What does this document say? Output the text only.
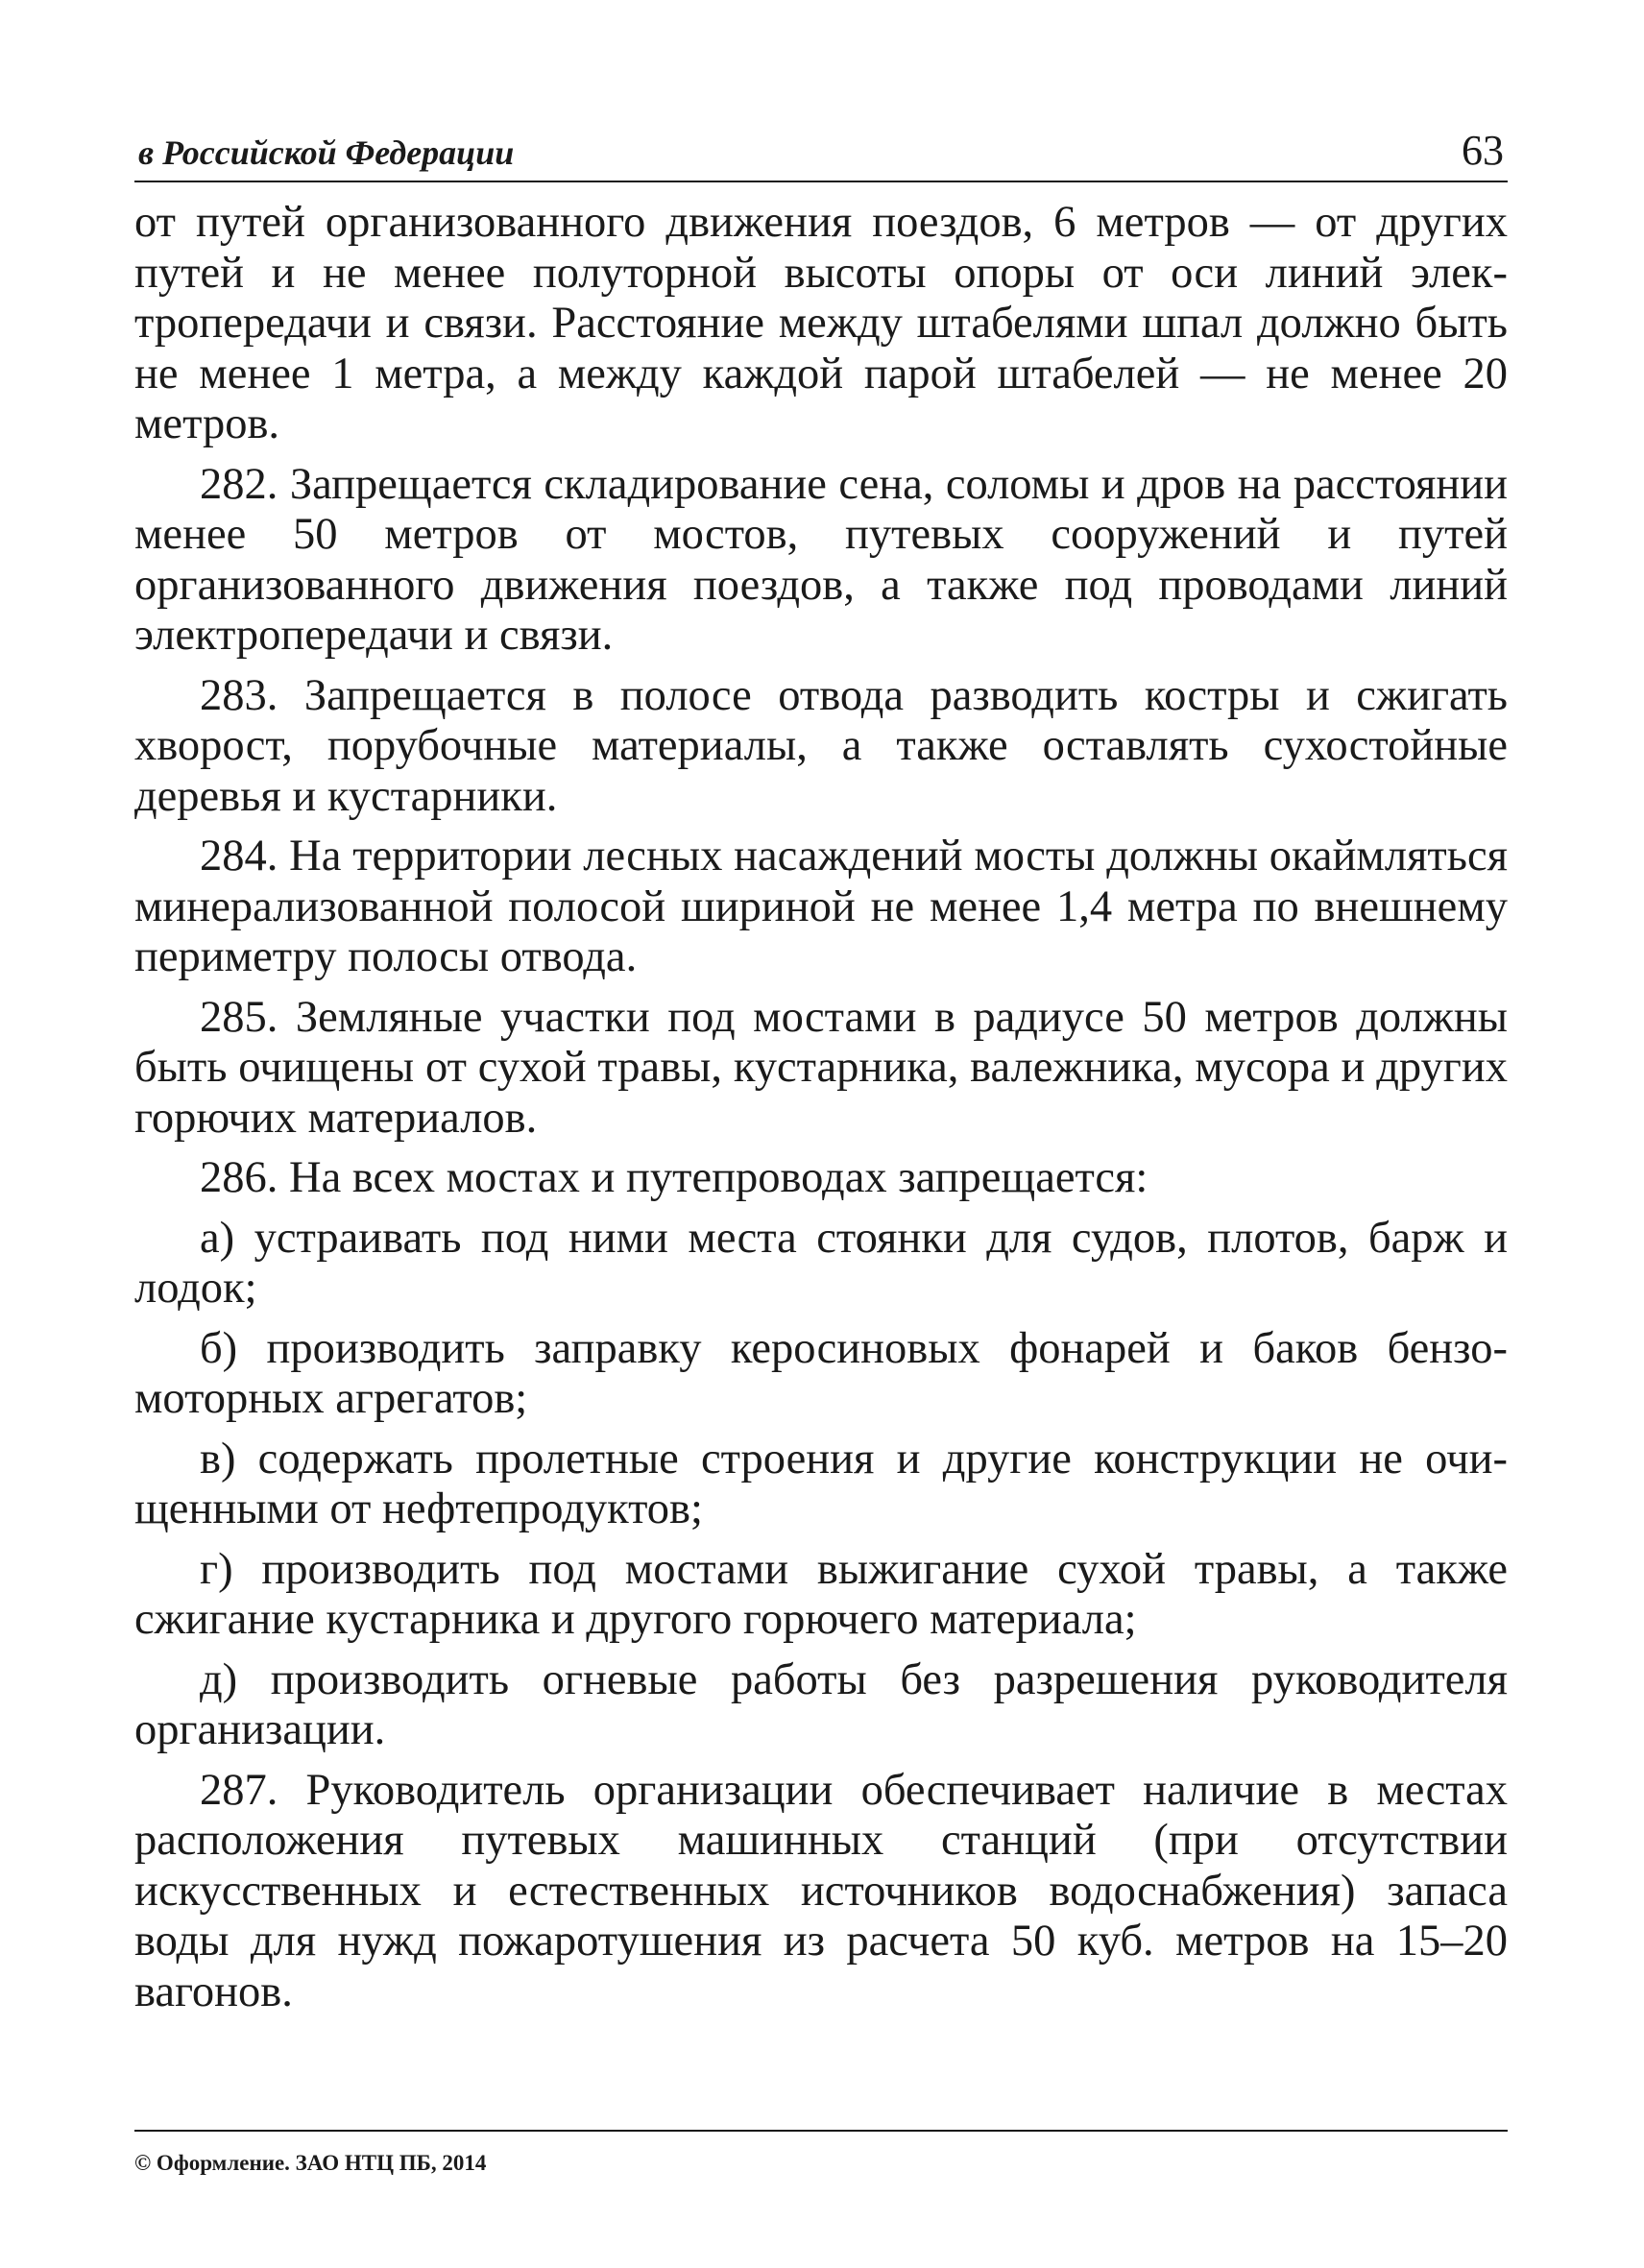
в Российской Федерации	63

от путей организованного движения поездов, 6 метров — от других путей и не менее полуторной высоты опоры от оси линий электропередачи и связи. Расстояние между штабелями шпал должно быть не менее 1 метра, а между каждой парой штабелей — не менее 20 метров.

282. Запрещается складирование сена, соломы и дров на расстоянии менее 50 метров от мостов, путевых сооружений и путей организованного движения поездов, а также под проводами линий электропередачи и связи.

283. Запрещается в полосе отвода разводить костры и сжигать хворост, порубочные материалы, а также оставлять сухостойные деревья и кустарники.

284. На территории лесных насаждений мосты должны окаймляться минерализованной полосой шириной не менее 1,4 метра по внешнему периметру полосы отвода.

285. Земляные участки под мостами в радиусе 50 метров должны быть очищены от сухой травы, кустарника, валежника, мусора и других горючих материалов.

286. На всех мостах и путепроводах запрещается:

а) устраивать под ними места стоянки для судов, плотов, барж и лодок;

б) производить заправку керосиновых фонарей и баков бензомоторных агрегатов;

в) содержать пролетные строения и другие конструкции не очищенными от нефтепродуктов;

г) производить под мостами выжигание сухой травы, а также сжигание кустарника и другого горючего материала;

д) производить огневые работы без разрешения руководителя организации.

287. Руководитель организации обеспечивает наличие в местах расположения путевых машинных станций (при отсутствии искусственных и естественных источников водоснабжения) запаса воды для нужд пожаротушения из расчета 50 куб. метров на 15–20 вагонов.

© Оформление. ЗАО НТЦ ПБ, 2014
